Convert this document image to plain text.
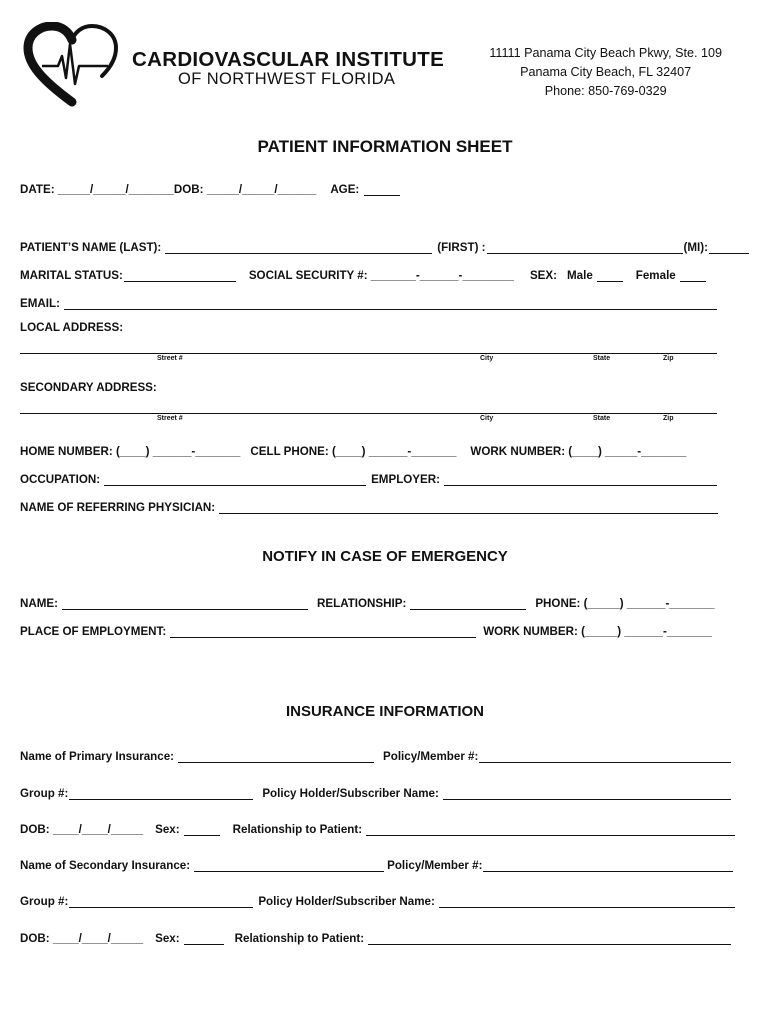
CARDIOVASCULAR INSTITUTE
OF NORTHWEST FLORIDA
11111 Panama City Beach Pkwy, Ste. 109
Panama City Beach, FL 32407
Phone: 850-769-0329
PATIENT INFORMATION SHEET
DATE: _____/_____/_______ DOB: _____/_____/______ AGE:
PATIENT’S NAME (LAST):	(FIRST) :	(MI):
MARITAL STATUS:	SOCIAL SECURITY #: _______-______-________ SEX: Male	Female
EMAIL:
LOCAL ADDRESS:
Street #	City	State	Zip
SECONDARY ADDRESS:
Street #	City	State	Zip
HOME NUMBER: (____) ______-_______ CELL PHONE: (____) ______-_______ WORK NUMBER: (____) _____-_______
OCCUPATION:	EMPLOYER:
NAME OF REFERRING PHYSICIAN:
NOTIFY IN CASE OF EMERGENCY
NAME:	RELATIONSHIP:	PHONE: (_____) ______-_______
PLACE OF EMPLOYMENT:	WORK NUMBER: (_____) ______-_______
INSURANCE INFORMATION
Name of Primary Insurance:	Policy/Member #:
Group #:	Policy Holder/Subscriber Name:
DOB: ____/____/_____ Sex:	Relationship to Patient:
Name of Secondary Insurance:	Policy/Member #:
Group #:	Policy Holder/Subscriber Name:
DOB: ____/____/_____ Sex:	Relationship to Patient:
